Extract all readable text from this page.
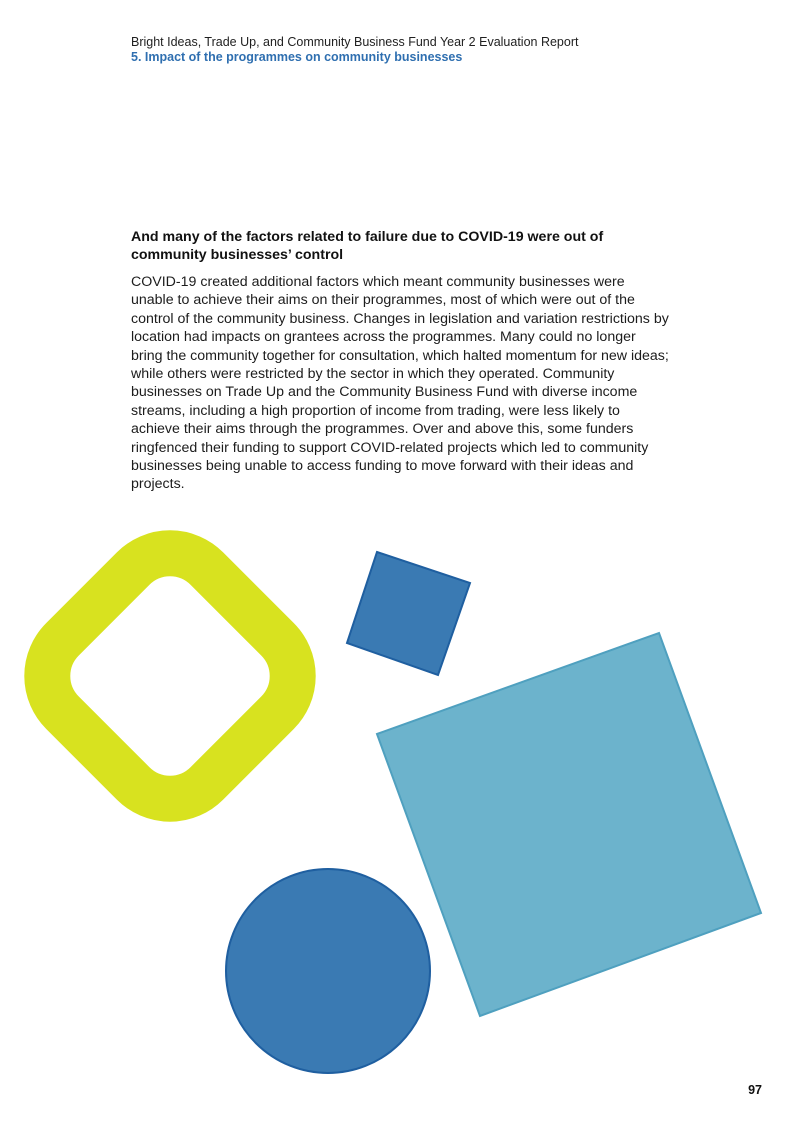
Bright Ideas, Trade Up, and Community Business Fund Year 2 Evaluation Report
5. Impact of the programmes on community businesses
And many of the factors related to failure due to COVID-19 were out of community businesses’ control

COVID-19 created additional factors which meant community businesses were unable to achieve their aims on their programmes, most of which were out of the control of the community business. Changes in legislation and variation restrictions by location had impacts on grantees across the programmes. Many could no longer bring the community together for consultation, which halted momentum for new ideas; while others were restricted by the sector in which they operated. Community businesses on Trade Up and the Community Business Fund with diverse income streams, including a high proportion of income from trading, were less likely to achieve their aims through the programmes. Over and above this, some funders ringfenced their funding to support COVID-related projects which led to community businesses being unable to access funding to move forward with their ideas and projects.

97
